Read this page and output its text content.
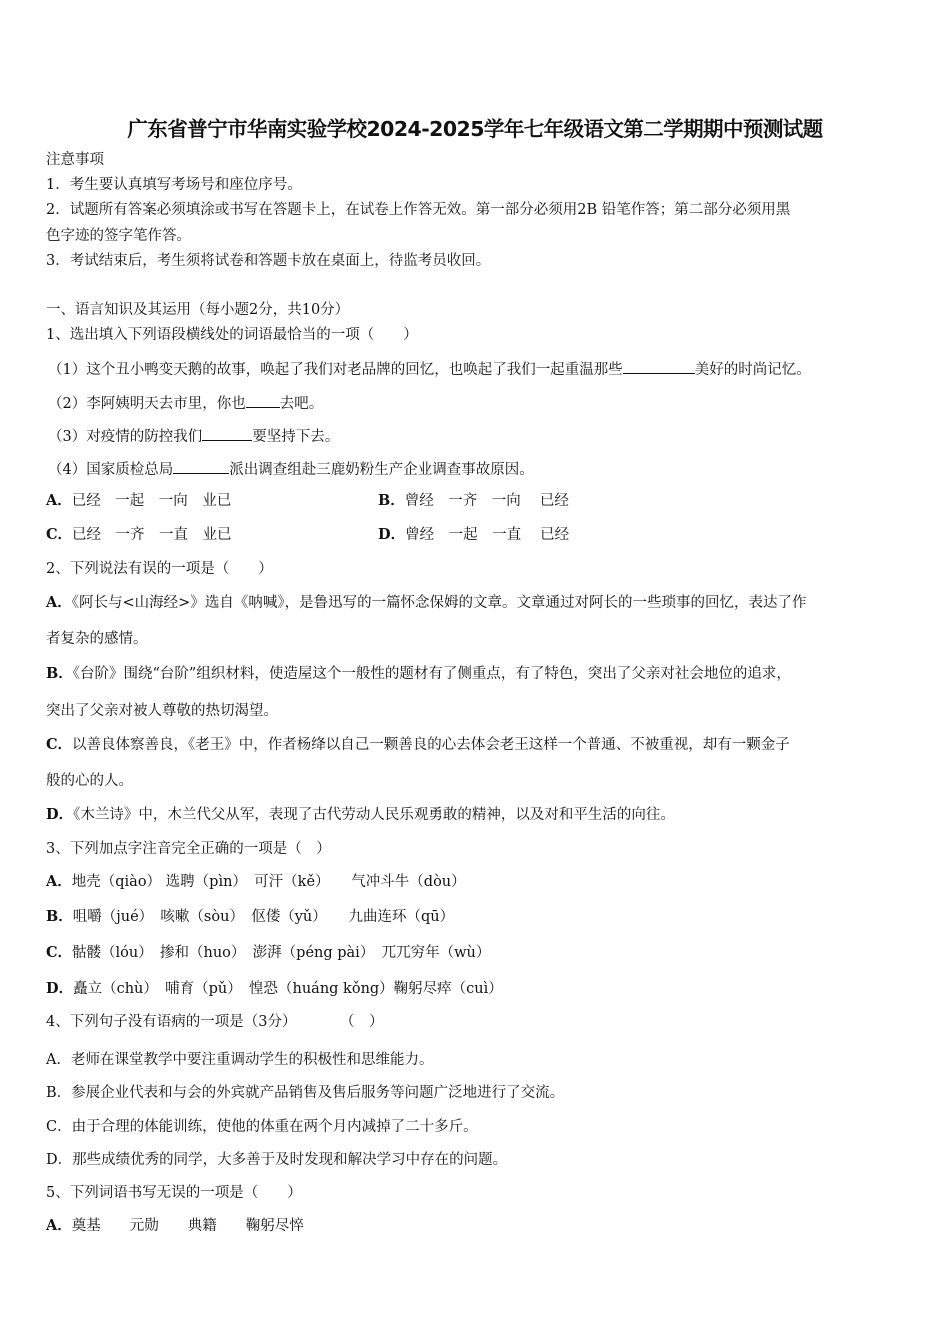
广东省普宁市华南实验学校2024-2025学年七年级语文第二学期期中预测试题
注意事项
1．考生要认真填写考场号和座位序号。
2．试题所有答案必须填涂或书写在答题卡上，在试卷上作答无效。第一部分必须用2B 铅笔作答；第二部分必须用黑
色字迹的签字笔作答。
3．考试结束后，考生须将试卷和答题卡放在桌面上，待监考员收回。
一、语言知识及其运用（每小题2分，共10分）
1、选出填入下列语段横线处的词语最恰当的一项（　　）
（1）这个丑小鸭变天鹅的故事，唤起了我们对老品牌的回忆，也唤起了我们一起重温那些	美好的时尚记忆。
（2）李阿姨明天去市里，你也 去吧。
（3）对疫情的防控我们	要坚持下去。
（4）国家质检总局	派出调查组赴三鹿奶粉生产企业调查事故原因。
A．已经　一起　一向　业已	B．曾经　一齐　一向　 已经
C．已经　一齐　一直　业已	D．曾经　一起　一直　 已经
2、下列说法有误的一项是（　　）
A．《阿长与<山海经>》选自《呐喊》，是鲁迅写的一篇怀念保姆的文章。文章通过对阿长的一些琐事的回忆，表达了作
者复杂的感情。
B．《台阶》围绕“台阶”组织材料，使造屋这个一般性的题材有了侧重点，有了特色，突出了父亲对社会地位的追求，
突出了父亲对被人尊敬的热切渴望。
C．以善良体察善良，《老王》中，作者杨绛以自己一颗善良的心去体会老王这样一个普通、不被重视，却有一颗金子
般的心的人。
D．《木兰诗》中，木兰代父从军，表现了古代劳动人民乐观勇敢的精神，以及对和平生活的向往。
3、下列加点字注音完全正确的一项是（　）
A．地壳（qiào） 选聘（pìn）　可汗（kě）　　气冲斗牛（dòu）
B．咀嚼（jué）　咳嗽（sòu）　伛偻（yǔ）　　九曲连环（qū）
C．骷髅（lóu）　掺和（huo）　澎湃（péng pài）　兀兀穷年（wù）
D．矗立（chù）　哺育（pǔ）　惶恐（huáng kǒng）鞠躬尽瘁（cuì）
4、下列句子没有语病的一项是（3分）　　　　（　）
A．老师在课堂教学中要注重调动学生的积极性和思维能力。
B．参展企业代表和与会的外宾就产品销售及售后服务等问题广泛地进行了交流。
C．由于合理的体能训练，使他的体重在两个月内减掉了二十多斤。
D．那些成绩优秀的同学，大多善于及时发现和解决学习中存在的问题。
5、下列词语书写无误的一项是（　　）
A．奠基　　元勋　　典籍　　鞠躬尽悴
